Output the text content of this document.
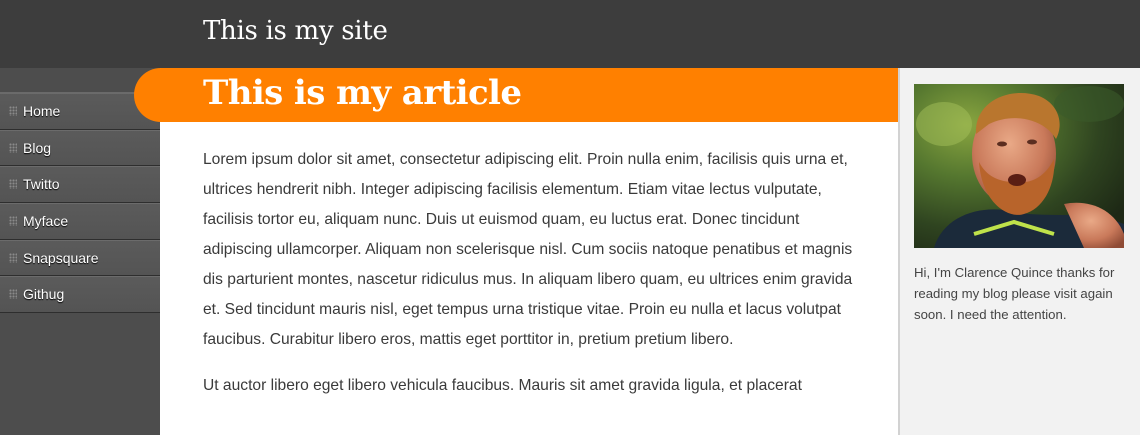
This is my site
Home
Blog
Twitto
Myface
Snapsquare
Githug
This is my article

Lorem ipsum dolor sit amet, consectetur adipiscing elit. Proin nulla enim, facilisis quis urna et, ultrices hendrerit nibh. Integer adipiscing facilisis elementum. Etiam vitae lectus vulputate, facilisis tortor eu, aliquam nunc. Duis ut euismod quam, eu luctus erat. Donec tincidunt adipiscing ullamcorper. Aliquam non scelerisque nisl. Cum sociis natoque penatibus et magnis dis parturient montes, nascetur ridiculus mus. In aliquam libero quam, eu ultrices enim gravida et. Sed tincidunt mauris nisl, eget tempus urna tristique vitae. Proin eu nulla et lacus volutpat faucibus. Curabitur libero eros, mattis eget porttitor in, pretium pretium libero.

Ut auctor libero eget libero vehicula faucibus. Mauris sit amet gravida ligula, et placerat

Hi, I'm Clarence Quince thanks for reading my blog please visit again soon. I need the attention.
